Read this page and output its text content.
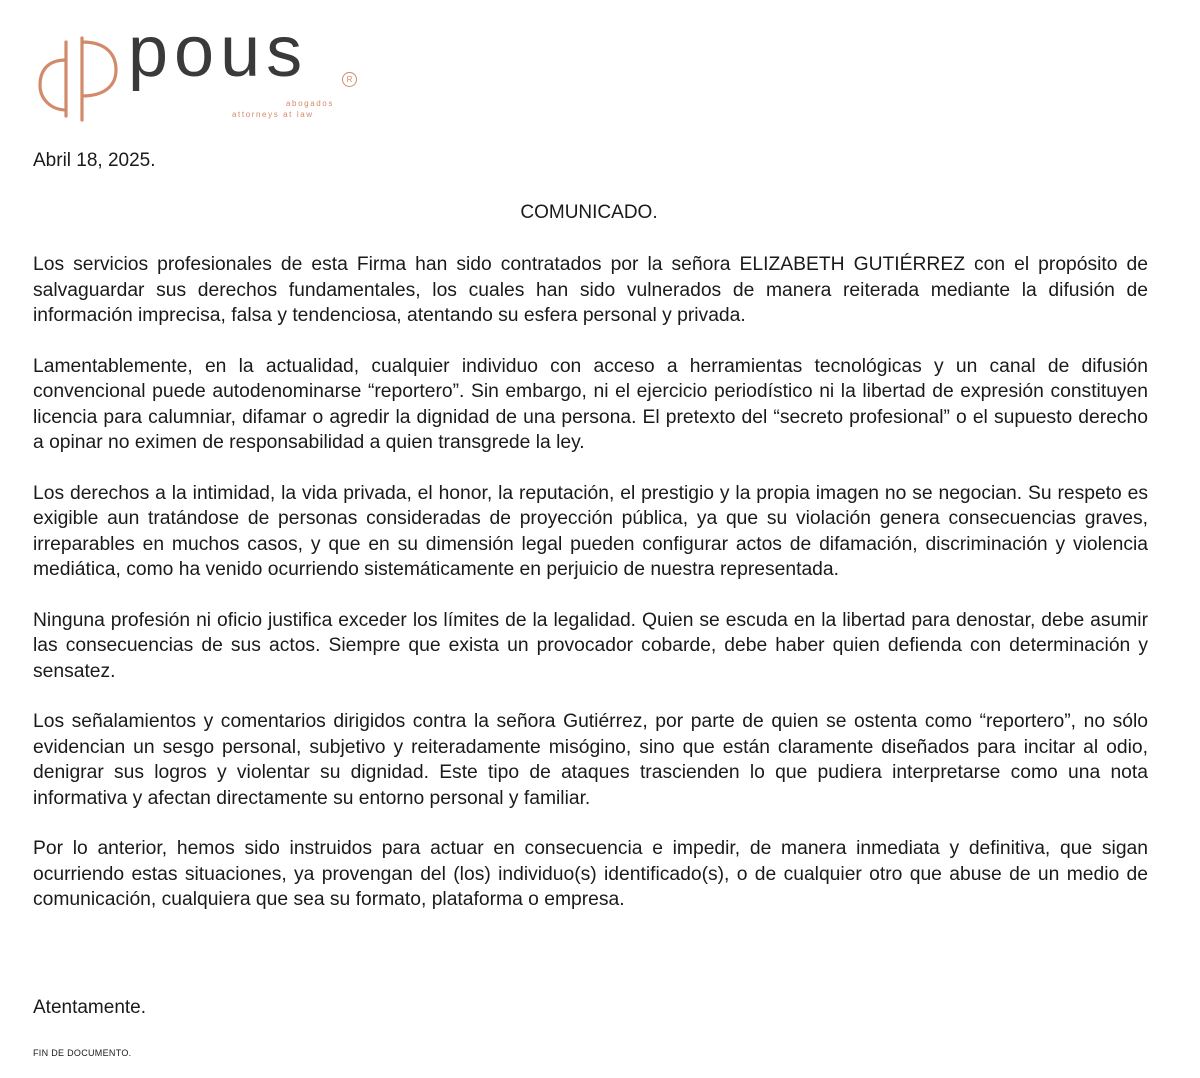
pous	R
abogados
attorneys at law
Abril 18, 2025.
COMUNICADO.

Los servicios profesionales de esta Firma han sido contratados por la señora ELIZABETH GUTIÉRREZ con el propósito de salvaguardar sus derechos fundamentales, los cuales han sido vulnerados de manera reiterada mediante la difusión de información imprecisa, falsa y tendenciosa, atentando su esfera personal y privada.

Lamentablemente, en la actualidad, cualquier individuo con acceso a herramientas tecnológicas y un canal de difusión convencional puede autodenominarse “reportero”. Sin embargo, ni el ejercicio periodístico ni la libertad de expresión constituyen licencia para calumniar, difamar o agredir la dignidad de una persona. El pretexto del “secreto profesional” o el supuesto derecho a opinar no eximen de responsabilidad a quien transgrede la ley.

Los derechos a la intimidad, la vida privada, el honor, la reputación, el prestigio y la propia imagen no se negocian. Su respeto es exigible aun tratándose de personas consideradas de proyección pública, ya que su violación genera consecuencias graves, irreparables en muchos casos, y que en su dimensión legal pueden configurar actos de difamación, discriminación y violencia mediática, como ha venido ocurriendo sistemáticamente en perjuicio de nuestra representada.

Ninguna profesión ni oficio justifica exceder los límites de la legalidad. Quien se escuda en la libertad para denostar, debe asumir las consecuencias de sus actos. Siempre que exista un provocador cobarde, debe haber quien defienda con determinación y sensatez.

Los señalamientos y comentarios dirigidos contra la señora Gutiérrez, por parte de quien se ostenta como “reportero”, no sólo evidencian un sesgo personal, subjetivo y reiteradamente misógino, sino que están claramente diseñados para incitar al odio, denigrar sus logros y violentar su dignidad. Este tipo de ataques trascienden lo que pudiera interpretarse como una nota informativa y afectan directamente su entorno personal y familiar.

Por lo anterior, hemos sido instruidos para actuar en consecuencia e impedir, de manera inmediata y definitiva, que sigan ocurriendo estas situaciones, ya provengan del (los) individuo(s) identificado(s), o de cualquier otro que abuse de un medio de comunicación, cualquiera que sea su formato, plataforma o empresa.

Atentamente.
FIN DE DOCUMENTO.
